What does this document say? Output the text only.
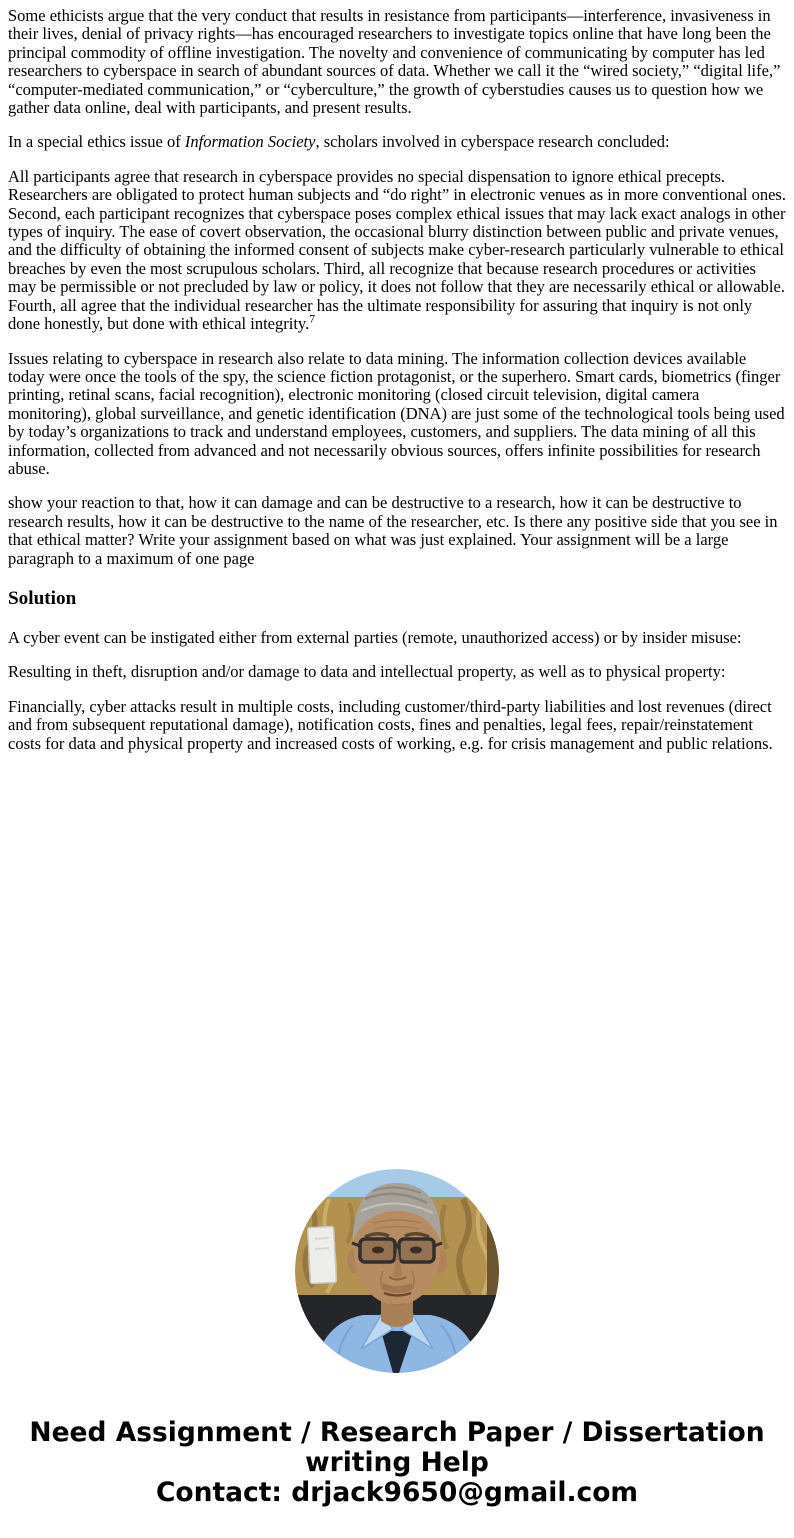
Some ethicists argue that the very conduct that results in resistance from participants—interference, invasiveness in their lives, denial of privacy rights—has encouraged researchers to investigate topics online that have long been the principal commodity of offline investigation. The novelty and convenience of communicating by computer has led researchers to cyberspace in search of abundant sources of data. Whether we call it the “wired society,” “digital life,” “computer-mediated communication,” or “cyberculture,” the growth of cyberstudies causes us to question how we gather data online, deal with participants, and present results.

In a special ethics issue of Information Society, scholars involved in cyberspace research concluded:

All participants agree that research in cyberspace provides no special dispensation to ignore ethical precepts. Researchers are obligated to protect human subjects and “do right” in electronic venues as in more conventional ones. Second, each participant recognizes that cyberspace poses complex ethical issues that may lack exact analogs in other types of inquiry. The ease of covert observation, the occasional blurry distinction between public and private venues, and the difficulty of obtaining the informed consent of subjects make cyber-research particularly vulnerable to ethical breaches by even the most scrupulous scholars. Third, all recognize that because research procedures or activities may be permissible or not precluded by law or policy, it does not follow that they are necessarily ethical or allowable. Fourth, all agree that the individual researcher has the ultimate responsibility for assuring that inquiry is not only done honestly, but done with ethical integrity.$^7$

Issues relating to cyberspace in research also relate to data mining. The information collection devices available today were once the tools of the spy, the science fiction protagonist, or the superhero. Smart cards, biometrics (finger printing, retinal scans, facial recognition), electronic monitoring (closed circuit television, digital camera monitoring), global surveillance, and genetic identification (DNA) are just some of the technological tools being used by today’s organizations to track and understand employees, customers, and suppliers. The data mining of all this information, collected from advanced and not necessarily obvious sources, offers infinite possibilities for research abuse.

show your reaction to that, how it can damage and can be destructive to a research, how it can be destructive to research results, how it can be destructive to the name of the researcher, etc. Is there any positive side that you see in that ethical matter? Write your assignment based on what was just explained. Your assignment will be a large paragraph to a maximum of one page

Solution

A cyber event can be instigated either from external parties (remote, unauthorized access) or by insider misuse:

Resulting in theft, disruption and/or damage to data and intellectual property, as well as to physical property:

Financially, cyber attacks result in multiple costs, including customer/third-party liabilities and lost revenues (direct and from subsequent reputational damage), notification costs, fines and penalties, legal fees, repair/reinstatement costs for data and physical property and increased costs of working, e.g. for crisis management and public relations.

Need Assignment / Research Paper / Dissertation
writing Help
Contact: drjack9650@gmail.com
